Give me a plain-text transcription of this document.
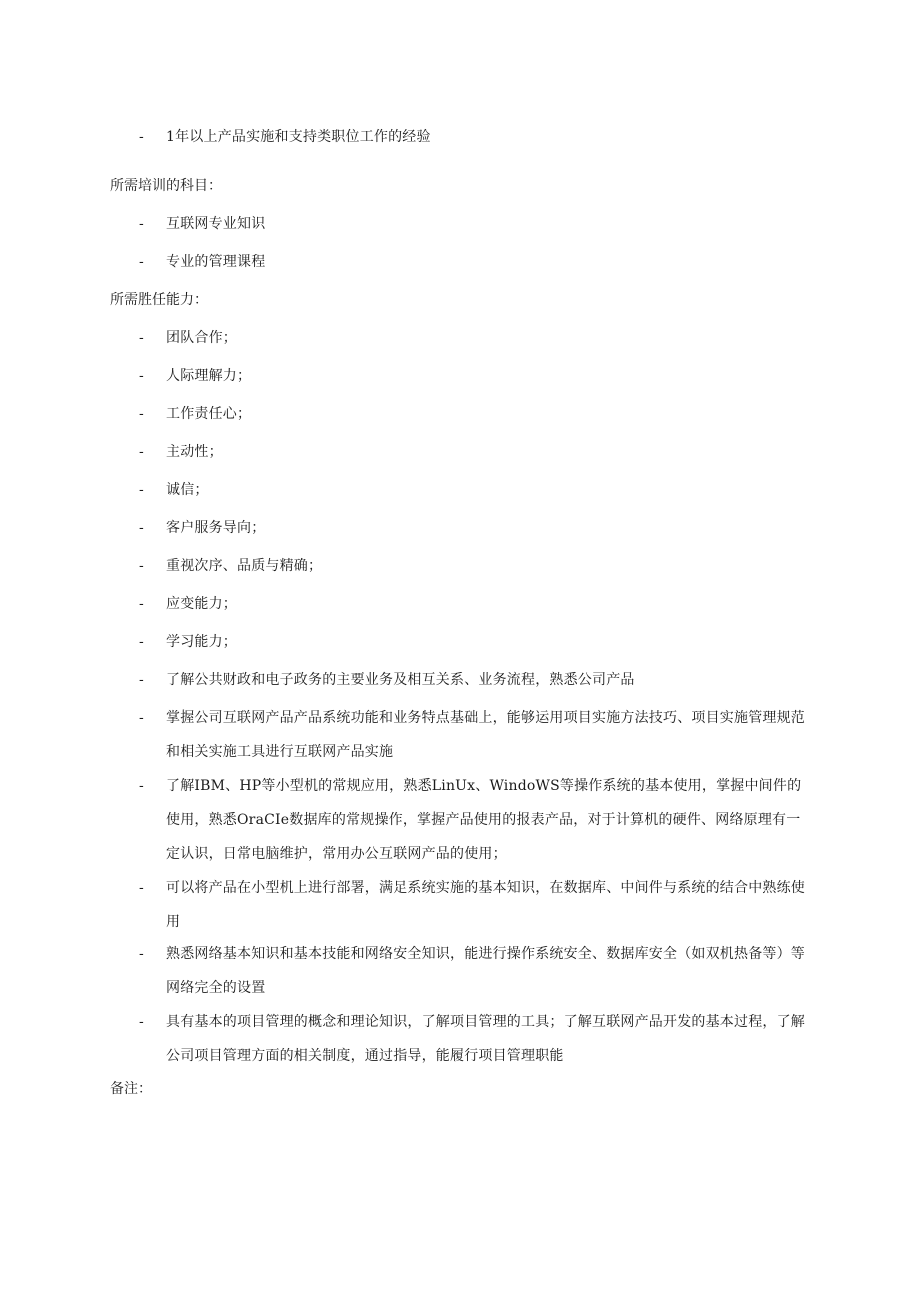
- 1年以上产品实施和支持类职位工作的经验
所需培训的科目：
- 互联网专业知识
- 专业的管理课程
所需胜任能力：
- 团队合作；
- 人际理解力；
- 工作责任心；
- 主动性；
- 诚信；
- 客户服务导向；
- 重视次序、品质与精确；
- 应变能力；
- 学习能力；
- 了解公共财政和电子政务的主要业务及相互关系、业务流程，熟悉公司产品
- 掌握公司互联网产品产品系统功能和业务特点基础上，能够运用项目实施方法技巧、项目实施管理规范和相关实施工具进行互联网产品实施
- 了解IBM、HP等小型机的常规应用，熟悉LinUx、WindoWS等操作系统的基本使用，掌握中间件的使用，熟悉OraCIe数据库的常规操作，掌握产品使用的报表产品，对于计算机的硬件、网络原理有一定认识，日常电脑维护，常用办公互联网产品的使用；
- 可以将产品在小型机上进行部署，满足系统实施的基本知识，在数据库、中间件与系统的结合中熟练使用
- 熟悉网络基本知识和基本技能和网络安全知识，能进行操作系统安全、数据库安全（如双机热备等）等网络完全的设置
- 具有基本的项目管理的概念和理论知识，了解项目管理的工具；了解互联网产品开发的基本过程，了解公司项目管理方面的相关制度，通过指导，能履行项目管理职能
备注：
